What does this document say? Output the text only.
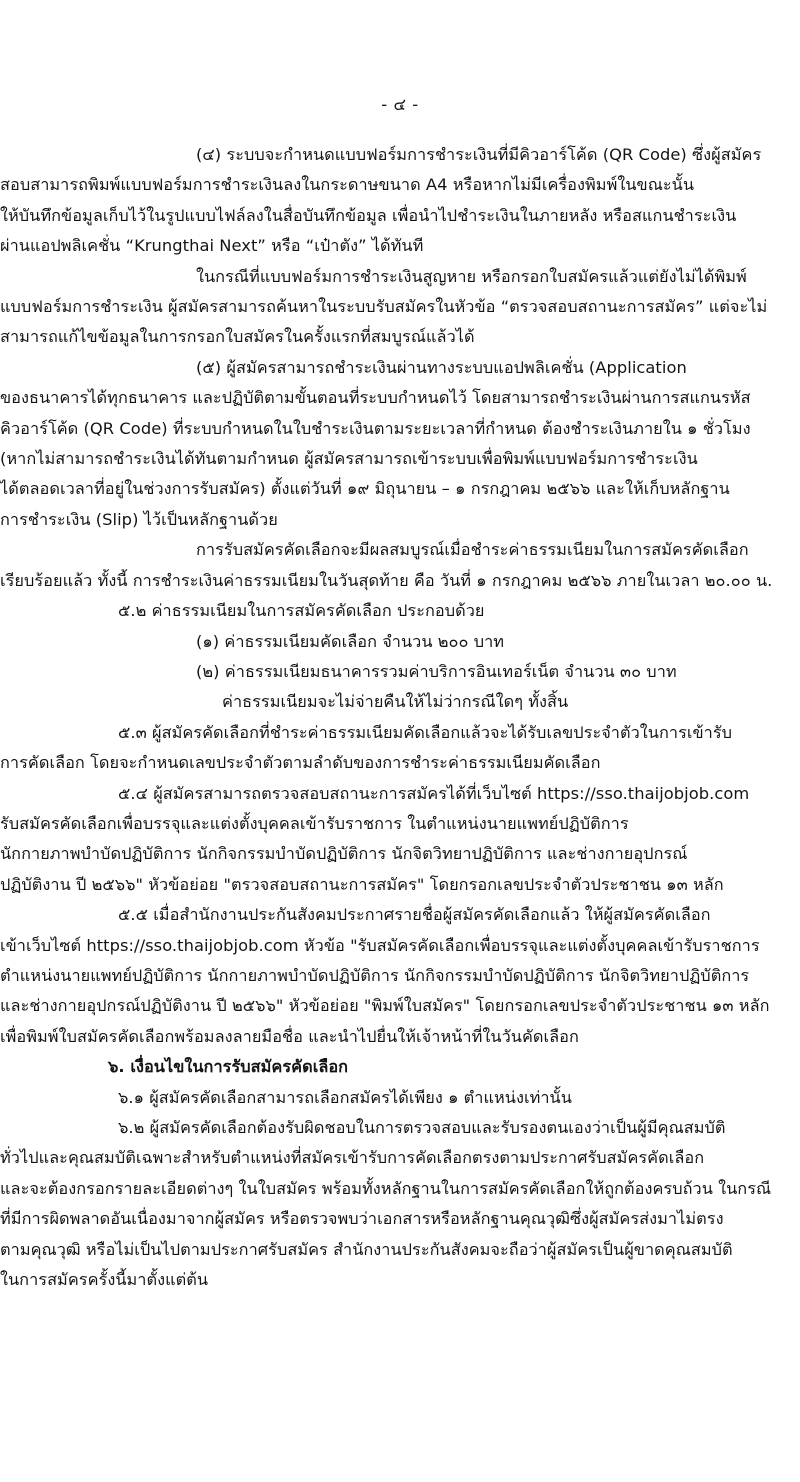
- ๔ -

(๔) ระบบจะกำหนดแบบฟอร์มการชำระเงินที่มีคิวอาร์โค้ด (QR Code) ซึ่งผู้สมัคร

สอบสามารถพิมพ์แบบฟอร์มการชำระเงินลงในกระดาษขนาด A4 หรือหากไม่มีเครื่องพิมพ์ในขณะนั้น

ให้บันทึกข้อมูลเก็บไว้ในรูปแบบไฟล์ลงในสื่อบันทึกข้อมูล เพื่อนำไปชำระเงินในภายหลัง หรือสแกนชำระเงิน

ผ่านแอปพลิเคชั่น “Krungthai Next” หรือ “เป๋าตัง” ได้ทันที

ในกรณีที่แบบฟอร์มการชำระเงินสูญหาย หรือกรอกใบสมัครแล้วแต่ยังไม่ได้พิมพ์

แบบฟอร์มการชำระเงิน ผู้สมัครสามารถค้นหาในระบบรับสมัครในหัวข้อ “ตรวจสอบสถานะการสมัคร” แต่จะไม่

สามารถแก้ไขข้อมูลในการกรอกใบสมัครในครั้งแรกที่สมบูรณ์แล้วได้

(๕) ผู้สมัครสามารถชำระเงินผ่านทางระบบแอปพลิเคชั่น (Application

ของธนาคารได้ทุกธนาคาร และปฏิบัติตามขั้นตอนที่ระบบกำหนดไว้ โดยสามารถชำระเงินผ่านการสแกนรหัส

คิวอาร์โค้ด (QR Code) ที่ระบบกำหนดในใบชำระเงินตามระยะเวลาที่กำหนด ต้องชำระเงินภายใน ๑ ชั่วโมง

(หากไม่สามารถชำระเงินได้ทันตามกำหนด ผู้สมัครสามารถเข้าระบบเพื่อพิมพ์แบบฟอร์มการชำระเงิน

ได้ตลอดเวลาที่อยู่ในช่วงการรับสมัคร) ตั้งแต่วันที่ ๑๙ มิถุนายน – ๑ กรกฎาคม ๒๕๖๖ และให้เก็บหลักฐาน

การชำระเงิน (Slip) ไว้เป็นหลักฐานด้วย

การรับสมัครคัดเลือกจะมีผลสมบูรณ์เมื่อชำระค่าธรรมเนียมในการสมัครคัดเลือก

เรียบร้อยแล้ว ทั้งนี้ การชำระเงินค่าธรรมเนียมในวันสุดท้าย คือ วันที่ ๑ กรกฎาคม ๒๕๖๖ ภายในเวลา ๒๐.๐๐ น.

๕.๒ ค่าธรรมเนียมในการสมัครคัดเลือก ประกอบด้วย

(๑) ค่าธรรมเนียมคัดเลือก จำนวน ๒๐๐ บาท

(๒) ค่าธรรมเนียมธนาคารรวมค่าบริการอินเทอร์เน็ต จำนวน ๓๐ บาท

ค่าธรรมเนียมจะไม่จ่ายคืนให้ไม่ว่ากรณีใดๆ ทั้งสิ้น

๕.๓ ผู้สมัครคัดเลือกที่ชำระค่าธรรมเนียมคัดเลือกแล้วจะได้รับเลขประจำตัวในการเข้ารับ

การคัดเลือก โดยจะกำหนดเลขประจำตัวตามลำดับของการชำระค่าธรรมเนียมคัดเลือก

๕.๔ ผู้สมัครสามารถตรวจสอบสถานะการสมัครได้ที่เว็บไซต์ https://sso.thaijobjob.com

รับสมัครคัดเลือกเพื่อบรรจุและแต่งตั้งบุคคลเข้ารับราชการ ในตำแหน่งนายแพทย์ปฏิบัติการ

นักกายภาพบำบัดปฏิบัติการ นักกิจกรรมบำบัดปฏิบัติการ นักจิตวิทยาปฏิบัติการ และช่างกายอุปกรณ์

ปฏิบัติงาน ปี ๒๕๖๖" หัวข้อย่อย "ตรวจสอบสถานะการสมัคร" โดยกรอกเลขประจำตัวประชาชน ๑๓ หลัก

๕.๕ เมื่อสำนักงานประกันสังคมประกาศรายชื่อผู้สมัครคัดเลือกแล้ว ให้ผู้สมัครคัดเลือก

เข้าเว็บไซต์ https://sso.thaijobjob.com หัวข้อ "รับสมัครคัดเลือกเพื่อบรรจุและแต่งตั้งบุคคลเข้ารับราชการ

ตำแหน่งนายแพทย์ปฏิบัติการ นักกายภาพบำบัดปฏิบัติการ นักกิจกรรมบำบัดปฏิบัติการ นักจิตวิทยาปฏิบัติการ

และช่างกายอุปกรณ์ปฏิบัติงาน ปี ๒๕๖๖" หัวข้อย่อย "พิมพ์ใบสมัคร" โดยกรอกเลขประจำตัวประชาชน ๑๓ หลัก

เพื่อพิมพ์ใบสมัครคัดเลือกพร้อมลงลายมือชื่อ และนำไปยื่นให้เจ้าหน้าที่ในวันคัดเลือก

๖. เงื่อนไขในการรับสมัครคัดเลือก

๖.๑ ผู้สมัครคัดเลือกสามารถเลือกสมัครได้เพียง ๑ ตำแหน่งเท่านั้น

๖.๒ ผู้สมัครคัดเลือกต้องรับผิดชอบในการตรวจสอบและรับรองตนเองว่าเป็นผู้มีคุณสมบัติ

ทั่วไปและคุณสมบัติเฉพาะสำหรับตำแหน่งที่สมัครเข้ารับการคัดเลือกตรงตามประกาศรับสมัครคัดเลือก

และจะต้องกรอกรายละเอียดต่างๆ ในใบสมัคร พร้อมทั้งหลักฐานในการสมัครคัดเลือกให้ถูกต้องครบถ้วน ในกรณี

ที่มีการผิดพลาดอันเนื่องมาจากผู้สมัคร หรือตรวจพบว่าเอกสารหรือหลักฐานคุณวุฒิซึ่งผู้สมัครส่งมาไม่ตรง

ตามคุณวุฒิ หรือไม่เป็นไปตามประกาศรับสมัคร สำนักงานประกันสังคมจะถือว่าผู้สมัครเป็นผู้ขาดคุณสมบัติ

ในการสมัครครั้งนี้มาตั้งแต่ต้น
